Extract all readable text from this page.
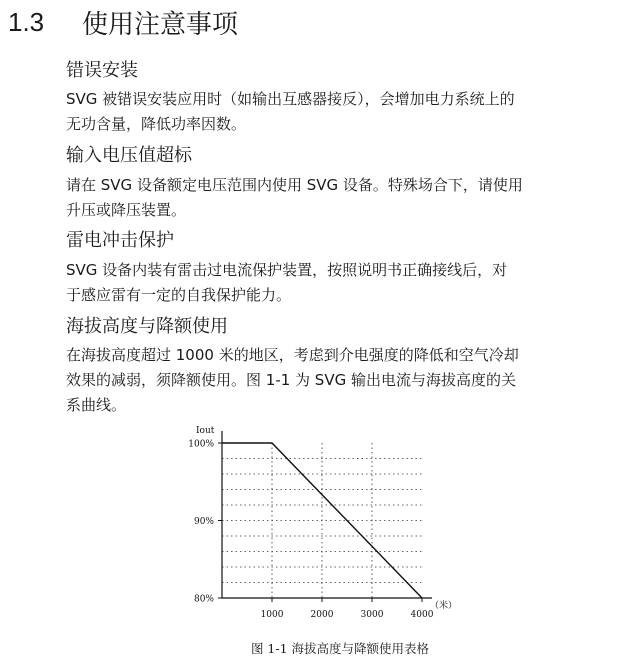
1.3	使用注意事项
错误安装

SVG 被错误安装应用时（如输出互感器接反），会增加电力系统上的
无功含量，降低功率因数。

输入电压值超标

请在 SVG 设备额定电压范围内使用 SVG 设备。特殊场合下，请使用
升压或降压装置。

雷电冲击保护

SVG 设备内装有雷击过电流保护装置，按照说明书正确接线后，对
于感应雷有一定的自我保护能力。

海拔高度与降额使用

在海拔高度超过 1000 米的地区，考虑到介电强度的降低和空气冷却
效果的减弱，须降额使用。图 1-1 为 SVG 输出电流与海拔高度的关
系曲线。

100%
90%
80%
1000	2000	3000	4000
Iout
（米）

图 1-1 海拔高度与降额使用表格
